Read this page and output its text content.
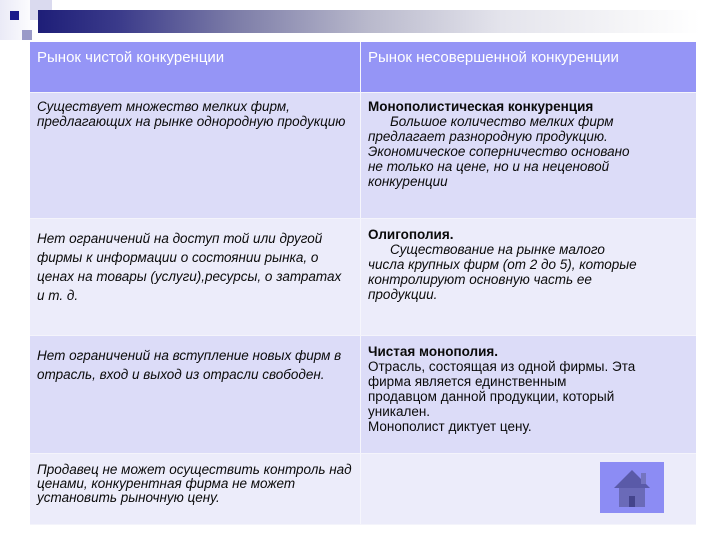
Рынок чистой конкуренции	Рынок несовершенной конкуренции
Существует множество мелких фирм, предлагающих на рынке однородную продукцию
Монополистическая конкуренция
Большое количество мелких фирм
предлагает разнородную продукцию.
Экономическое соперничество основано
не только на цене, но и на неценовой
конкуренции
Нет ограничений на доступ той или другой фирмы к информации о состоянии рынка, о ценах на товары (услуги),ресурсы, о затратах и т. д.
Олигополия.
Существование на рынке малого
числа крупных фирм (от 2 до 5), которые
контролируют основную часть ее
продукции.
Нет ограничений на вступление новых фирм в отрасль, вход и выход из отрасли свободен.
Чистая монополия.
Отрасль, состоящая из одной фирмы. Эта
фирма является единственным
продавцом данной продукции, который
уникален.
Монополист диктует цену.
Продавец не может осуществить контроль над ценами, конкурентная фирма не может установить рыночную цену.
